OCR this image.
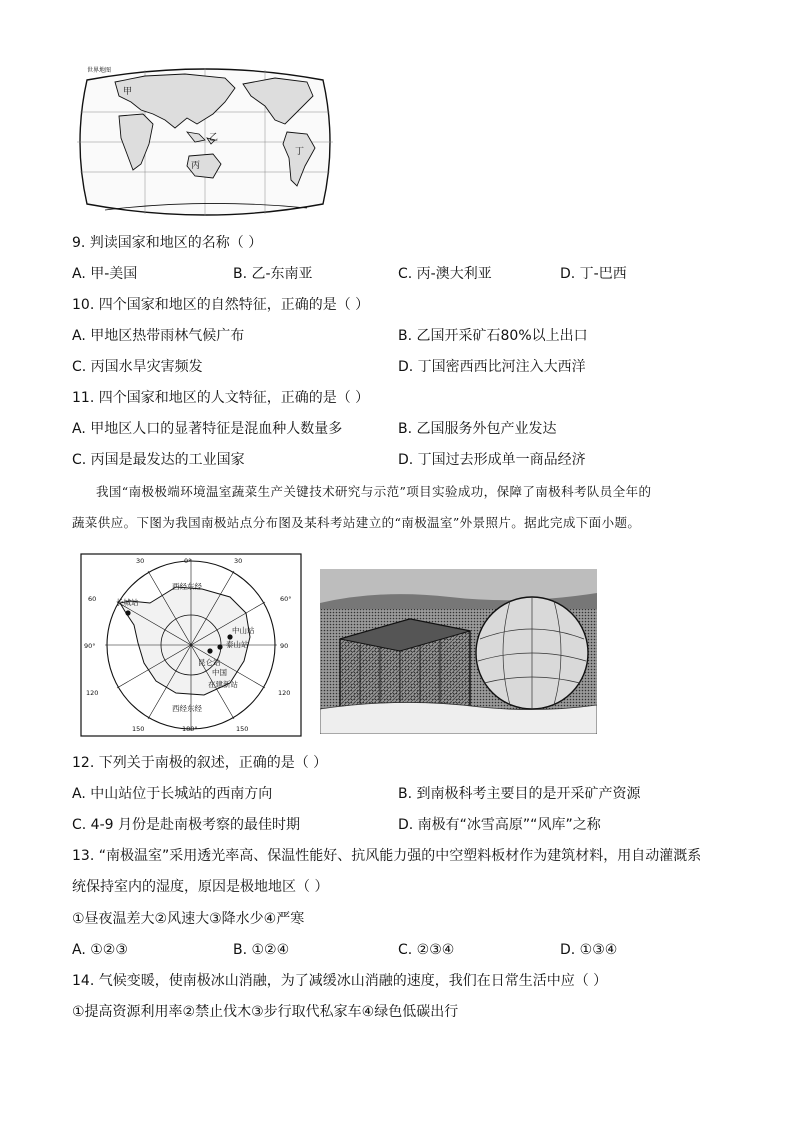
世界地图
甲
乙
丙
丁
9. 判读国家和地区的名称（ ）
A. 甲-美国	B. 乙-东南亚	C. 丙-澳大利亚	D. 丁-巴西
10. 四个国家和地区的自然特征，正确的是（ ）
A. 甲地区热带雨林气候广布	B. 乙国开采矿石80%以上出口
C. 丙国水旱灾害频发	D. 丁国密西西比河注入大西洋
11. 四个国家和地区的人文特征，正确的是（ ）
A. 甲地区人口的显著特征是混血种人数量多	B. 乙国服务外包产业发达
C. 丙国是最发达的工业国家	D. 丁国过去形成单一商品经济
我国“南极极端环境温室蔬菜生产关键技术研究与示范”项目实验成功，保障了南极科考队员全年的
蔬菜供应。下图为我国南极站点分布图及某科考站建立的“南极温室”外景照片。据此完成下面小题。
西经东经
长城站
中山站
泰山站
昆仑站
中国
在建新站
西经东经
0°
60	60°
90°	90
120	120
150	150
180°
30	30
12. 下列关于南极的叙述，正确的是（ ）
A. 中山站位于长城站的西南方向	B. 到南极科考主要目的是开采矿产资源
C. 4-9 月份是赴南极考察的最佳时期	D. 南极有“冰雪高原”“风库”之称
13. “南极温室”采用透光率高、保温性能好、抗风能力强的中空塑料板材作为建筑材料，用自动灌溉系
统保持室内的湿度，原因是极地地区（ ）
①昼夜温差大②风速大③降水少④严寒
A. ①②③	B. ①②④	C. ②③④	D. ①③④
14. 气候变暖，使南极冰山消融，为了减缓冰山消融的速度，我们在日常生活中应（ ）
①提高资源利用率②禁止伐木③步行取代私家车④绿色低碳出行
